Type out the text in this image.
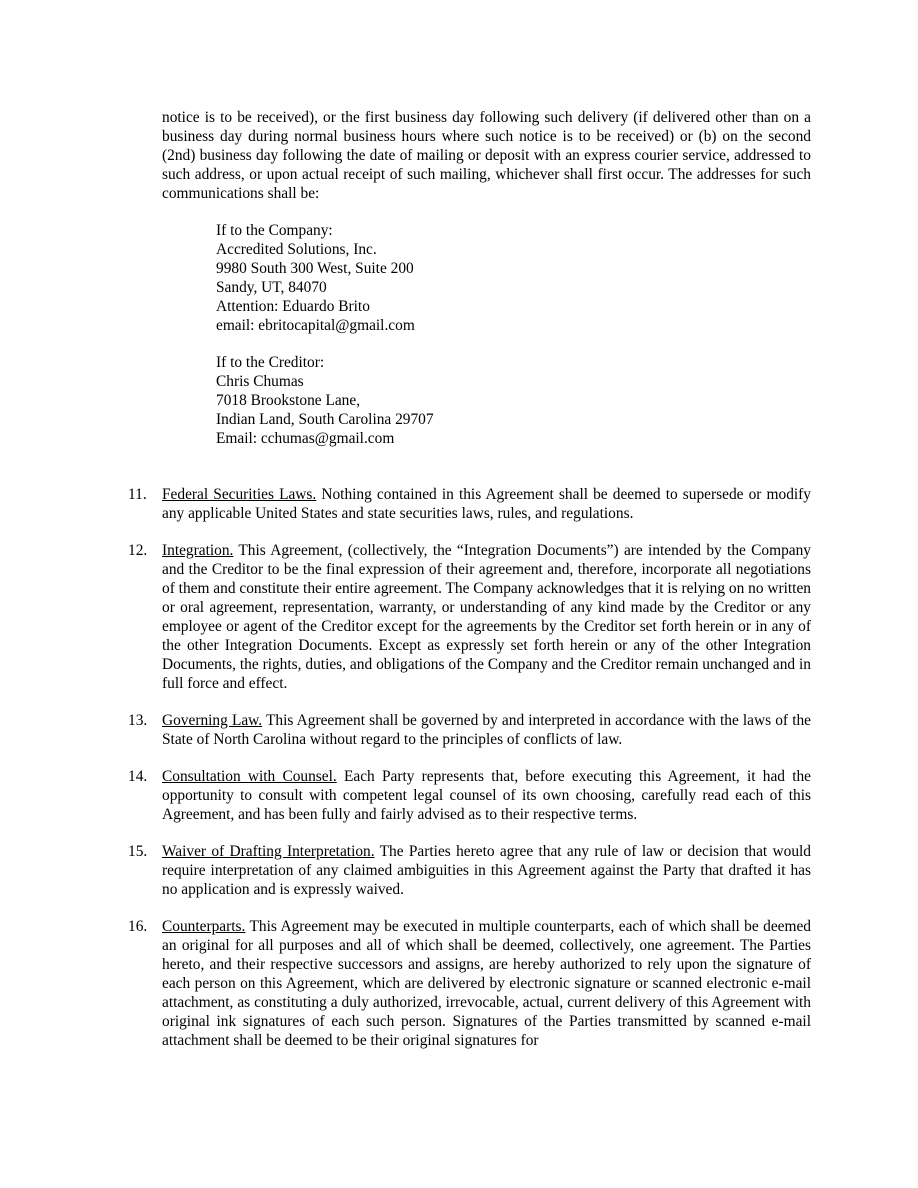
notice is to be received), or the first business day following such delivery (if delivered other than on a business day during normal business hours where such notice is to be received) or (b) on the second (2nd) business day following the date of mailing or deposit with an express courier service, addressed to such address, or upon actual receipt of such mailing, whichever shall first occur. The addresses for such communications shall be:

If to the Company:
Accredited Solutions, Inc.
9980 South 300 West, Suite 200
Sandy, UT, 84070
Attention: Eduardo Brito
email: ebritocapital@gmail.com
If to the Creditor:
Chris Chumas
7018 Brookstone Lane,
Indian Land, South Carolina 29707
Email: cchumas@gmail.com
11. Federal Securities Laws. Nothing contained in this Agreement shall be deemed to supersede or modify any applicable United States and state securities laws, rules, and regulations.
12. Integration. This Agreement, (collectively, the “Integration Documents”) are intended by the Company and the Creditor to be the final expression of their agreement and, therefore, incorporate all negotiations of them and constitute their entire agreement. The Company acknowledges that it is relying on no written or oral agreement, representation, warranty, or understanding of any kind made by the Creditor or any employee or agent of the Creditor except for the agreements by the Creditor set forth herein or in any of the other Integration Documents. Except as expressly set forth herein or any of the other Integration Documents, the rights, duties, and obligations of the Company and the Creditor remain unchanged and in full force and effect.
13. Governing Law. This Agreement shall be governed by and interpreted in accordance with the laws of the State of North Carolina without regard to the principles of conflicts of law.
14. Consultation with Counsel. Each Party represents that, before executing this Agreement, it had the opportunity to consult with competent legal counsel of its own choosing, carefully read each of this Agreement, and has been fully and fairly advised as to their respective terms.
15. Waiver of Drafting Interpretation. The Parties hereto agree that any rule of law or decision that would require interpretation of any claimed ambiguities in this Agreement against the Party that drafted it has no application and is expressly waived.
16. Counterparts. This Agreement may be executed in multiple counterparts, each of which shall be deemed an original for all purposes and all of which shall be deemed, collectively, one agreement. The Parties hereto, and their respective successors and assigns, are hereby authorized to rely upon the signature of each person on this Agreement, which are delivered by electronic signature or scanned electronic e-mail attachment, as constituting a duly authorized, irrevocable, actual, current delivery of this Agreement with original ink signatures of each such person. Signatures of the Parties transmitted by scanned e-mail attachment shall be deemed to be their original signatures for
